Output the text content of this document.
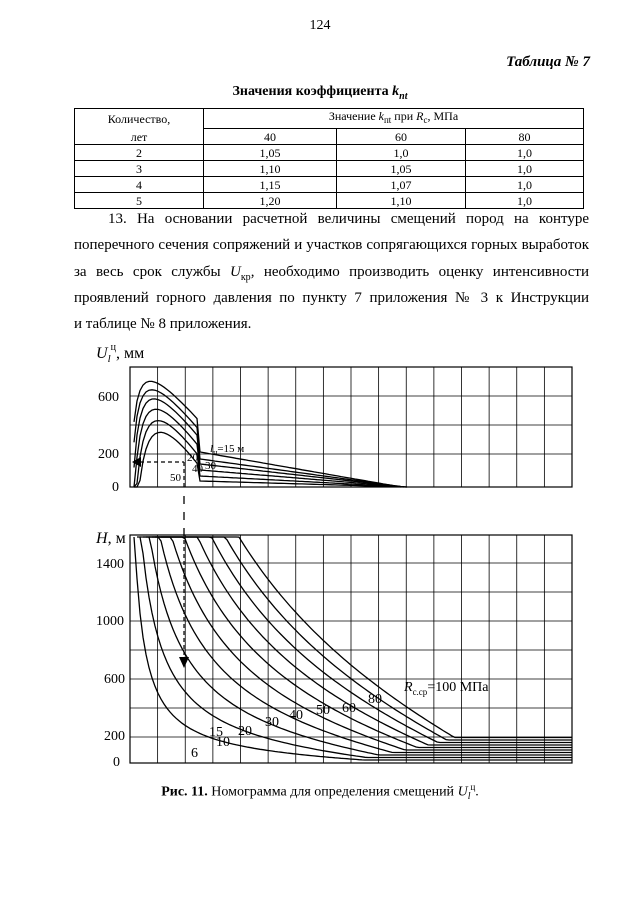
124
Таблица № 7
Значения коэффициента $k_{пt}$
Количество,	Значение $k_{пt}$ при $R_c$, МПа		
лет	40	60	80
2	1,05	1,0	1,0
3	1,10	1,05	1,0
4	1,15	1,07	1,0
5	1,20	1,10	1,0
13. На основании расчетной величины смещений пород на контуре
поперечного сечения сопряжений и участков сопрягающихся горных выработок
за весь срок службы $U_{кр}$, необходимо производить оценку интенсивности
проявлений горного давления по пункту 7 приложения № 3 к Инструкции
и таблице № 8 приложения.
$U_l^ц$, мм
600
200
0
$l_н=15$ м
20
30
40
50
H, м
1400
1000
600
200
0
6
10
15 20
30 40 50 60
80
$R_{с.ср}=100$ МПа
Рис. 11. Номограмма для определения смещений $U_l^ц$.
